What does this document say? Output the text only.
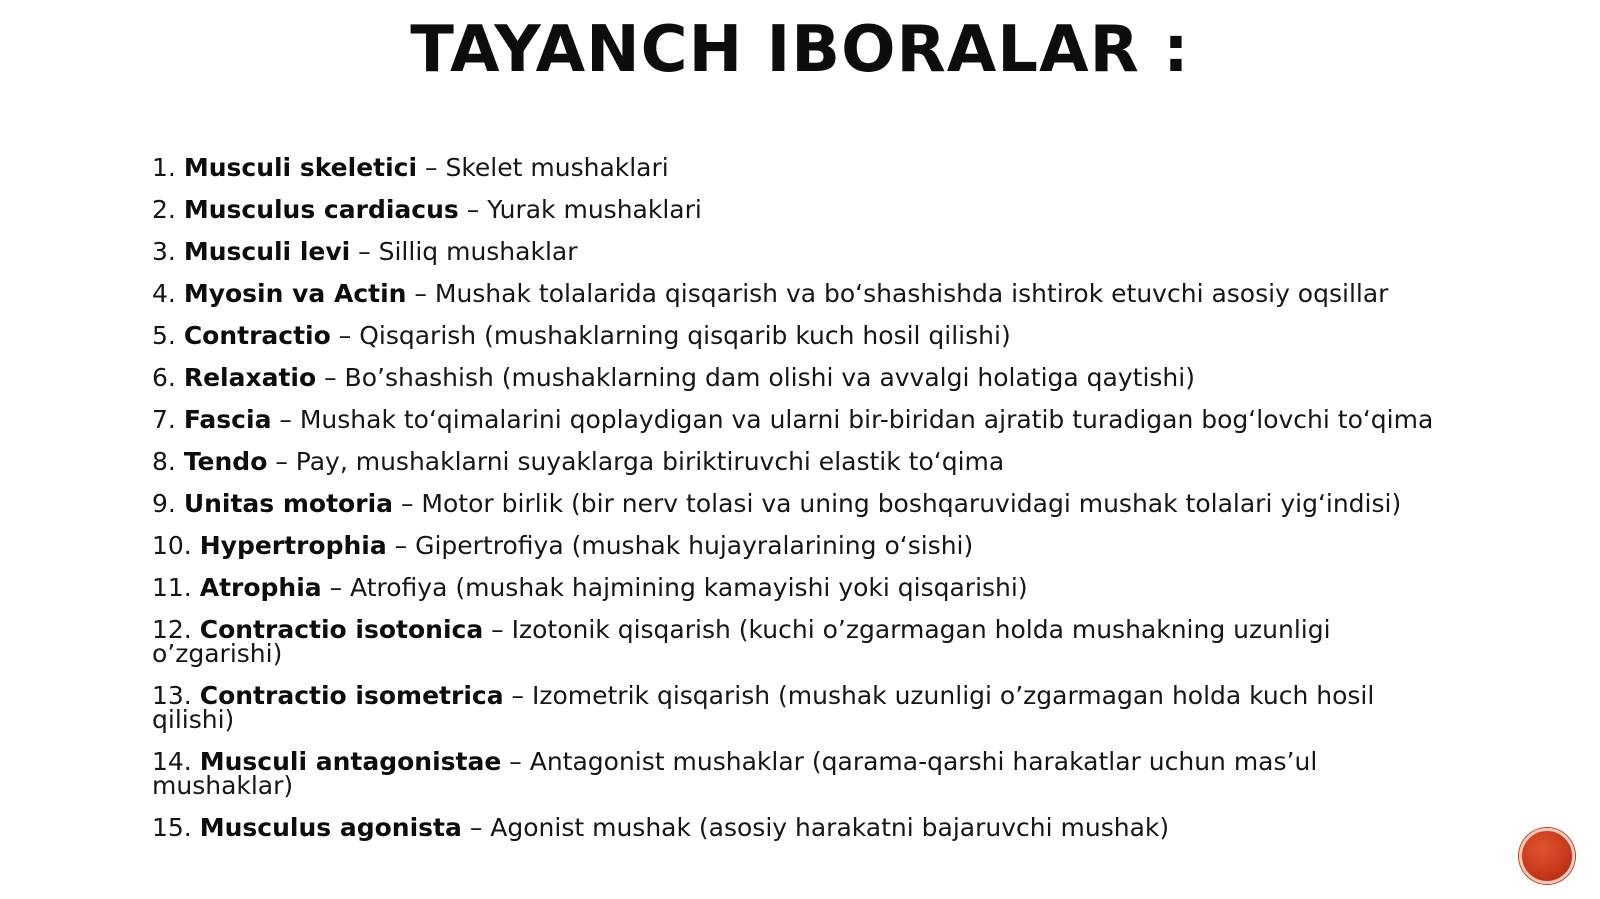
TAYANCH IBORALAR :
1. Musculi skeletici – Skelet mushaklari
2. Musculus cardiacus – Yurak mushaklari
3. Musculi levi – Silliq mushaklar
4. Myosin va Actin – Mushak tolalarida qisqarish va bo‘shashishda ishtirok etuvchi asosiy oqsillar
5. Contractio – Qisqarish (mushaklarning qisqarib kuch hosil qilishi)
6. Relaxatio – Bo’shashish (mushaklarning dam olishi va avvalgi holatiga qaytishi)
7. Fascia – Mushak to‘qimalarini qoplaydigan va ularni bir-biridan ajratib turadigan bog‘lovchi to‘qima
8. Tendo – Pay, mushaklarni suyaklarga biriktiruvchi elastik to‘qima
9. Unitas motoria – Motor birlik (bir nerv tolasi va uning boshqaruvidagi mushak tolalari yig‘indisi)
10. Hypertrophia – Gipertrofiya (mushak hujayralarining o‘sishi)
11. Atrophia – Atrofiya (mushak hajmining kamayishi yoki qisqarishi)
12. Contractio isotonica – Izotonik qisqarish (kuchi o’zgarmagan holda mushakning uzunligi o’zgarishi)
13. Contractio isometrica – Izometrik qisqarish (mushak uzunligi o’zgarmagan holda kuch hosil qilishi)
14. Musculi antagonistae – Antagonist mushaklar (qarama-qarshi harakatlar uchun mas’ul mushaklar)
15. Musculus agonista – Agonist mushak (asosiy harakatni bajaruvchi mushak)
